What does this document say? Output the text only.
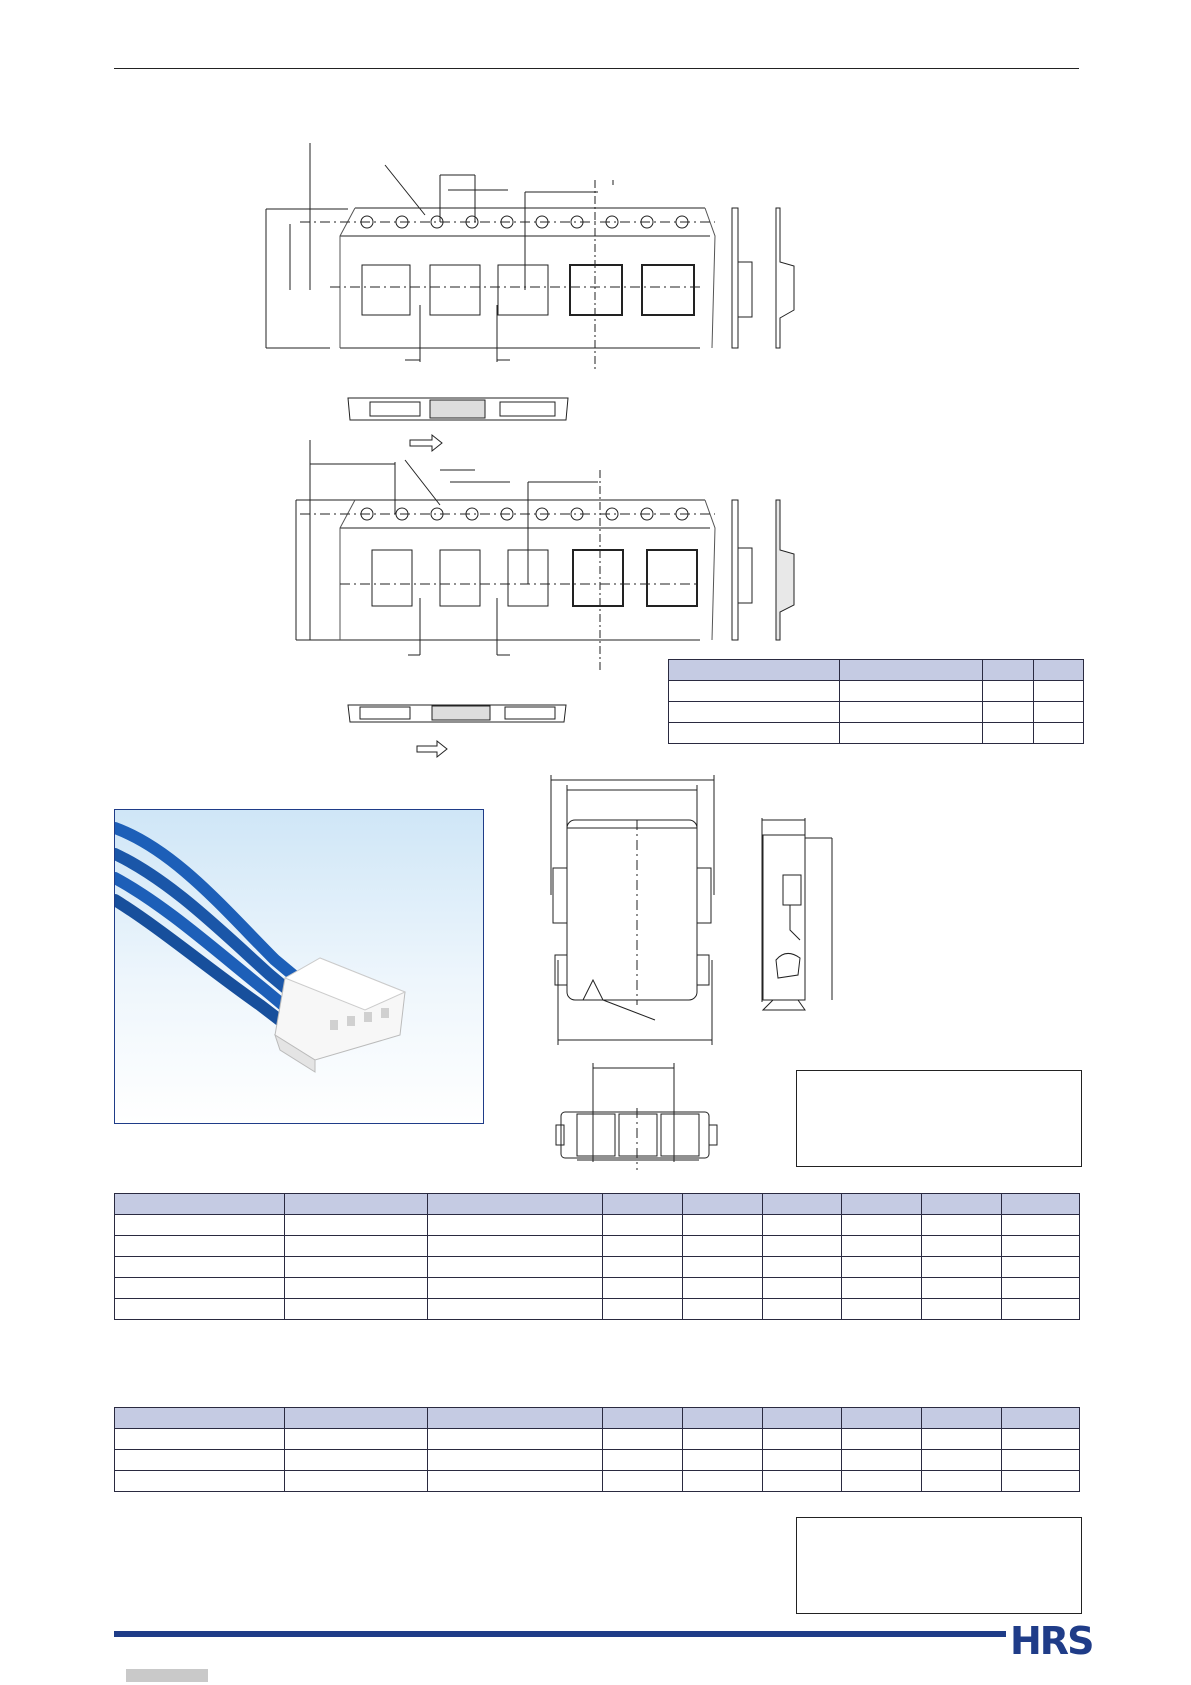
HRS
